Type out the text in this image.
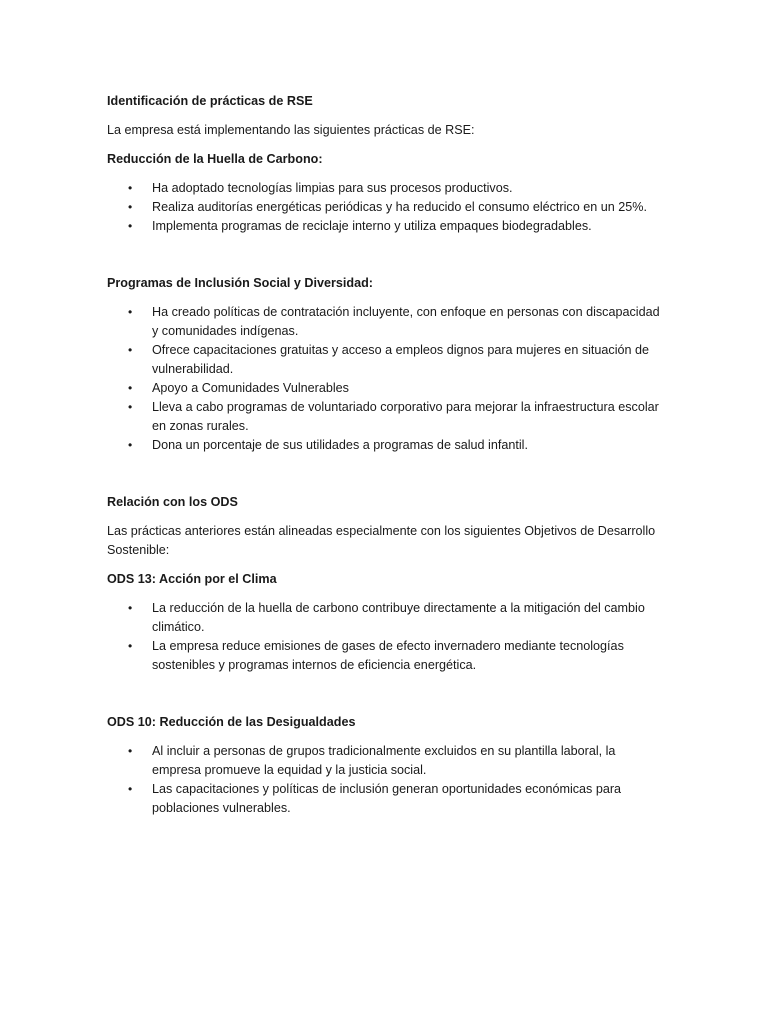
Identificación de prácticas de RSE

La empresa está implementando las siguientes prácticas de RSE:

Reducción de la Huella de Carbono:

• Ha adoptado tecnologías limpias para sus procesos productivos.
• Realiza auditorías energéticas periódicas y ha reducido el consumo eléctrico en un 25%.
• Implementa programas de reciclaje interno y utiliza empaques biodegradables.

Programas de Inclusión Social y Diversidad:

• Ha creado políticas de contratación incluyente, con enfoque en personas con discapacidad y comunidades indígenas.
• Ofrece capacitaciones gratuitas y acceso a empleos dignos para mujeres en situación de vulnerabilidad.
• Apoyo a Comunidades Vulnerables
• Lleva a cabo programas de voluntariado corporativo para mejorar la infraestructura escolar en zonas rurales.
• Dona un porcentaje de sus utilidades a programas de salud infantil.

Relación con los ODS

Las prácticas anteriores están alineadas especialmente con los siguientes Objetivos de Desarrollo Sostenible:

ODS 13: Acción por el Clima

• La reducción de la huella de carbono contribuye directamente a la mitigación del cambio climático.
• La empresa reduce emisiones de gases de efecto invernadero mediante tecnologías sostenibles y programas internos de eficiencia energética.

ODS 10: Reducción de las Desigualdades

• Al incluir a personas de grupos tradicionalmente excluidos en su plantilla laboral, la empresa promueve la equidad y la justicia social.
• Las capacitaciones y políticas de inclusión generan oportunidades económicas para poblaciones vulnerables.
